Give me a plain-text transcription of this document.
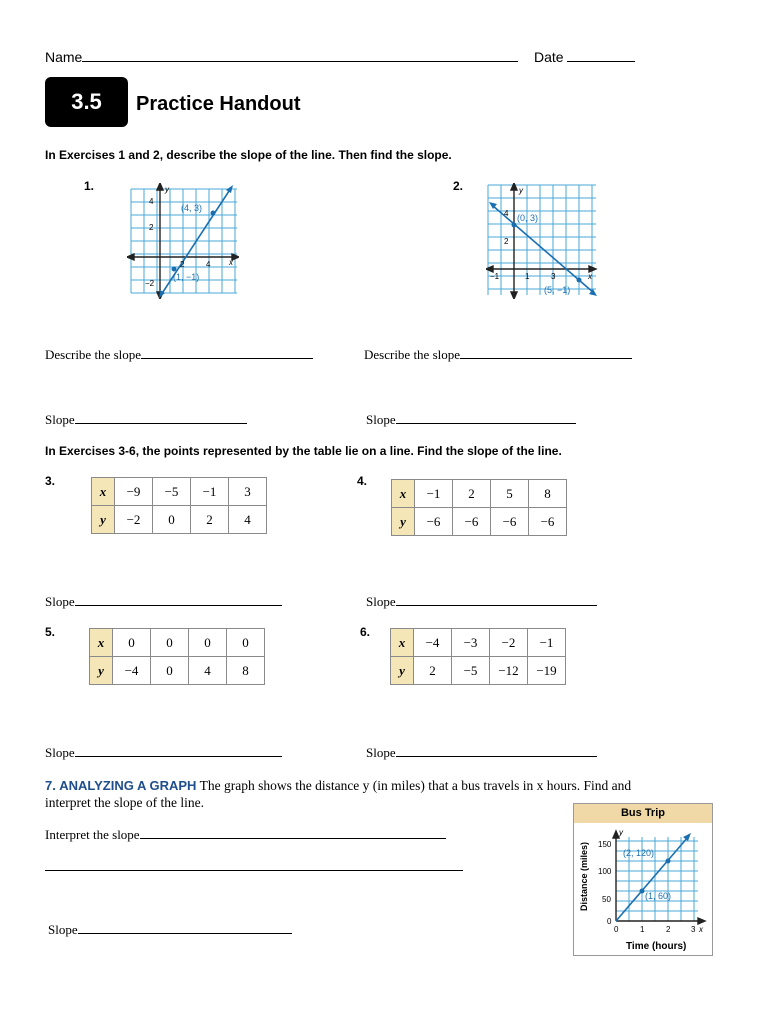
Name	Date
3.5	Practice Handout
In Exercises 1 and 2, describe the slope of the line. Then find the slope.
1.	y
x
4
2
−2
2	4
(4, 3)
(1, −1)
2.	y
x
4
2
−1	1	3
(0, 3)
(5, −1)
Describe the slope	Describe the slope
Slope	Slope
In Exercises 3-6, the points represented by the table lie on a line. Find the slope of the line.
3.
x	−9	−5	−1	3
y	−2	0	2	4
4.
x	−1	2	5	8
y	−6	−6	−6	−6
Slope	Slope
5.
x	0	0	0	0
y	−4	0	4	8
6.
x	−4	−3	−2	−1
y	2	−5	−12	−19
Slope	Slope
7. ANALYZING A GRAPH The graph shows the distance y (in miles) that a bus travels in x hours. Find and
interpret the slope of the line.
Interpret the slope
Slope
Bus Trip
Distance (miles)
Time (hours)
150
100
50
0
0	1	2	3
y
x
(2, 120)
(1, 60)
